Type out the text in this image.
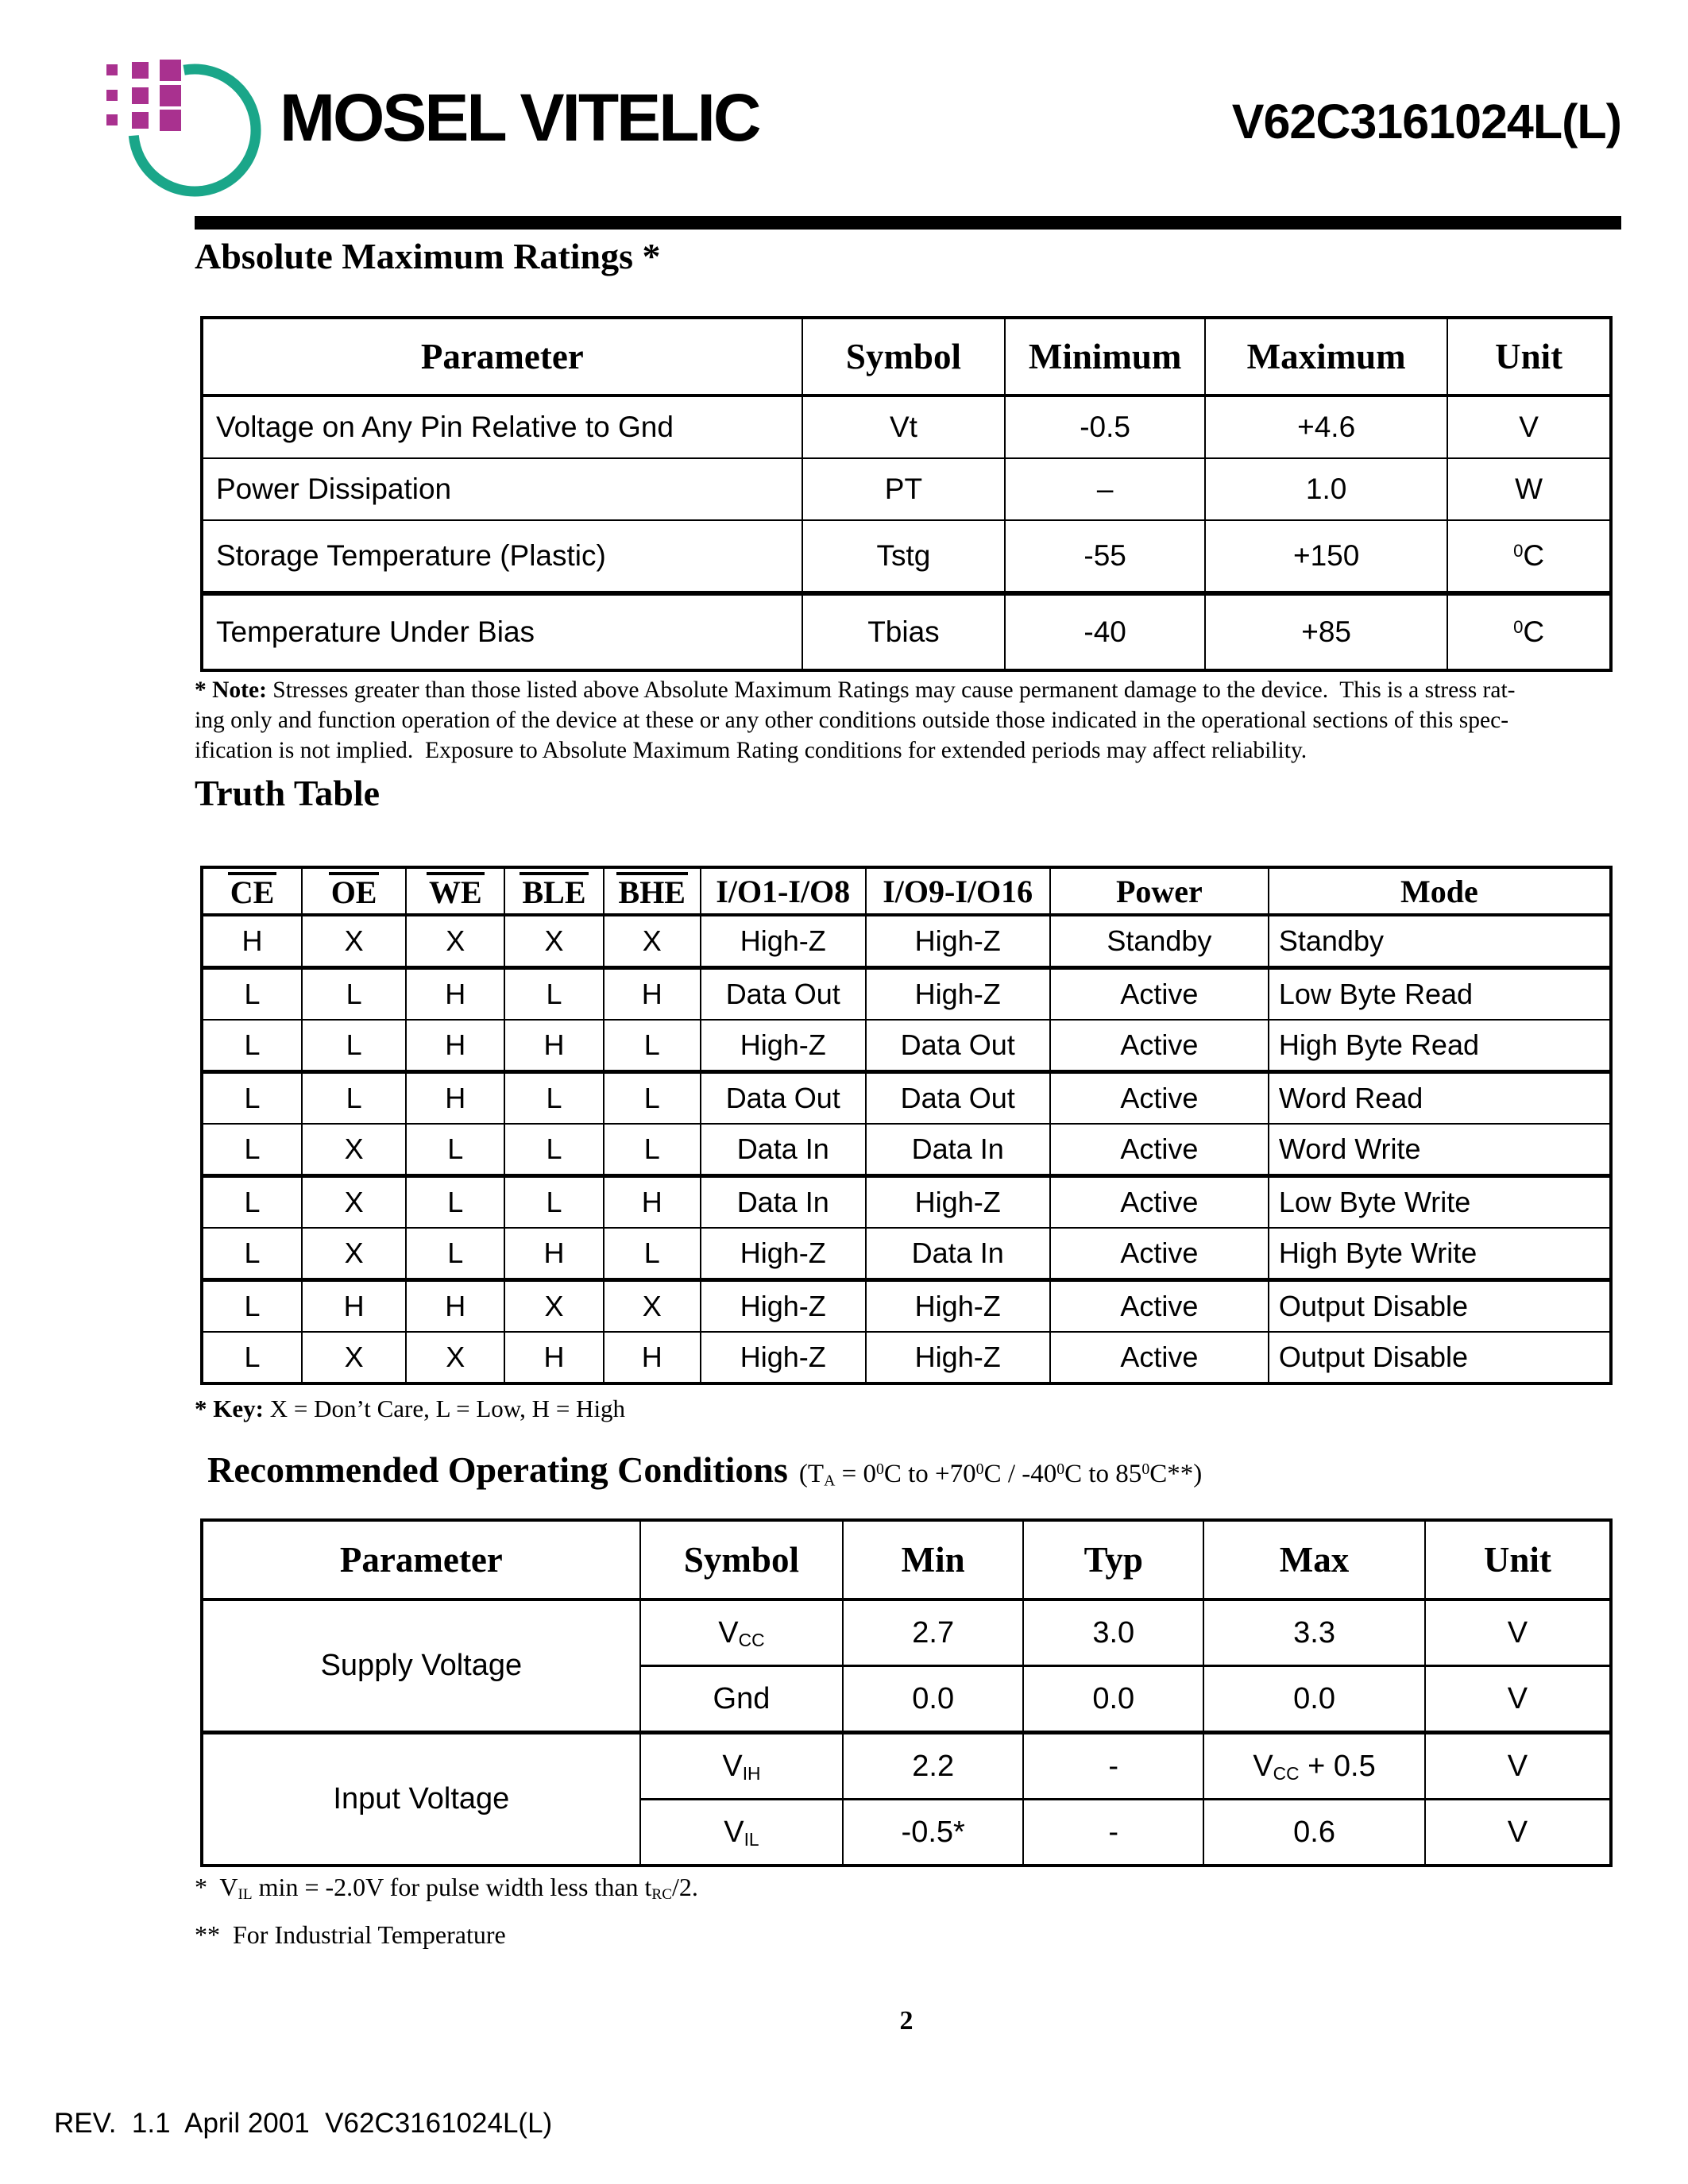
MOSEL VITELIC	V62C3161024L(L)
Absolute Maximum Ratings *
Parameter	Symbol	Minimum	Maximum	Unit
Voltage on Any Pin Relative to Gnd	Vt	-0.5	+4.6	V
Power Dissipation	PT	–	1.0	W
Storage Temperature (Plastic)	Tstg	-55	+150	$^0$C
Temperature Under Bias	Tbias	-40	+85	$^0$C
* Note: Stresses greater than those listed above Absolute Maximum Ratings may cause permanent damage to the device.  This is a stress rat-
ing only and function operation of the device at these or any other conditions outside those indicated in the operational sections of this spec-
ification is not implied.  Exposure to Absolute Maximum Rating conditions for extended periods may affect reliability.
Truth Table
CE	OE	WE	BLE	BHE	I/O1-I/O8	I/O9-I/O16	Power	Mode
H	X	X	X	X	High-Z	High-Z	Standby	Standby
L	L	H	L	H	Data Out	High-Z	Active	Low Byte Read
L	L	H	H	L	High-Z	Data Out	Active	High Byte Read
L	L	H	L	L	Data Out	Data Out	Active	Word Read
L	X	L	L	L	Data In	Data In	Active	Word Write
L	X	L	L	H	Data In	High-Z	Active	Low Byte Write
L	X	L	H	L	High-Z	Data In	Active	High Byte Write
L	H	H	X	X	High-Z	High-Z	Active	Output Disable
L	X	X	H	H	High-Z	High-Z	Active	Output Disable
* Key: X = Don’t Care, L = Low, H = High

Recommended Operating Conditions ($T_A = 0^0C$ to $+70^0C / -40^0C$ to $85^0C**$)

Parameter	Symbol	Min	Typ	Max	Unit
Supply Voltage	$V_{CC}$	2.7	3.0	3.3	V
	Gnd	0.0	0.0	0.0	V
Input Voltage	$V_{IH}$	2.2	-	$V_{CC} + 0.5$	V
	$V_{IL}$	-0.5*	-	0.6	V
*  $V_{IL}$ min = -2.0V for pulse width less than $t_{RC}/2$.
**  For Industrial Temperature
2
REV.  1.1  April 2001  V62C3161024L(L)
